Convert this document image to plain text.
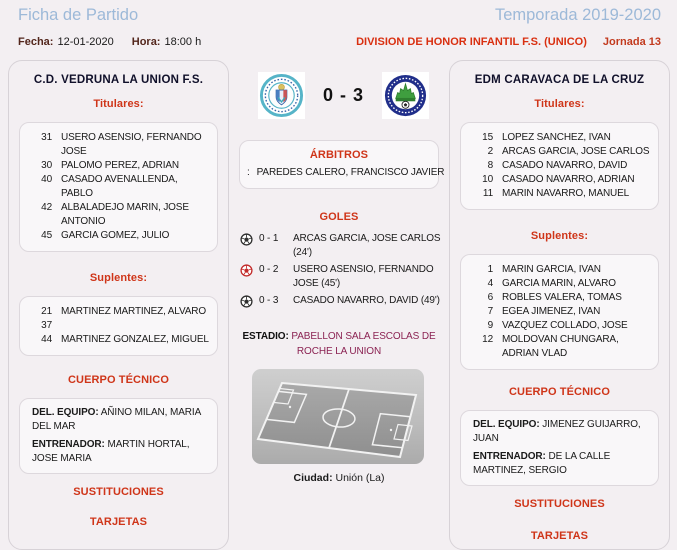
Ficha de Partido	Temporada 2019-2020
Fecha: 12-01-2020 Hora: 18:00 h	DIVISION DE HONOR INFANTIL F.S. (UNICO) Jornada 13
C.D. VEDRUNA LA UNION F.S.
Titulares:
31 USERO ASENSIO, FERNANDO JOSE
30 PALOMO PEREZ, ADRIAN
40 CASADO AVENALLENDA, PABLO
42 ALBALADEJO MARIN, JOSE ANTONIO
45 GARCIA GOMEZ, JULIO
Suplentes:
21 MARTINEZ MARTINEZ, ALVARO
37
44 MARTINEZ GONZALEZ, MIGUEL
CUERPO TÉCNICO
DEL. EQUIPO: AÑINO MILAN, MARIA DEL MAR
ENTRENADOR: MARTIN HORTAL, JOSE MARIA
SUSTITUCIONES
TARJETAS
0 - 3
ÁRBITROS
: PAREDES CALERO, FRANCISCO JAVIER
GOLES
0 - 1	ARCAS GARCIA, JOSE CARLOS (24')
0 - 2	USERO ASENSIO, FERNANDO JOSE (45')
0 - 3	CASADO NAVARRO, DAVID (49')
ESTADIO: PABELLON SALA ESCOLAS DE ROCHE LA UNION
Ciudad: Unión (La)
EDM CARAVACA DE LA CRUZ
Titulares:
15 LOPEZ SANCHEZ, IVAN
2 ARCAS GARCIA, JOSE CARLOS
8 CASADO NAVARRO, DAVID
10 CASADO NAVARRO, ADRIAN
11 MARIN NAVARRO, MANUEL
Suplentes:
1 MARIN GARCIA, IVAN
4 GARCIA MARIN, ALVARO
6 ROBLES VALERA, TOMAS
7 EGEA JIMENEZ, IVAN
9 VAZQUEZ COLLADO, JOSE
12 MOLDOVAN CHUNGARA, ADRIAN VLAD
CUERPO TÉCNICO
DEL. EQUIPO: JIMENEZ GUIJARRO, JUAN
ENTRENADOR: DE LA CALLE MARTINEZ, SERGIO
SUSTITUCIONES
TARJETAS
